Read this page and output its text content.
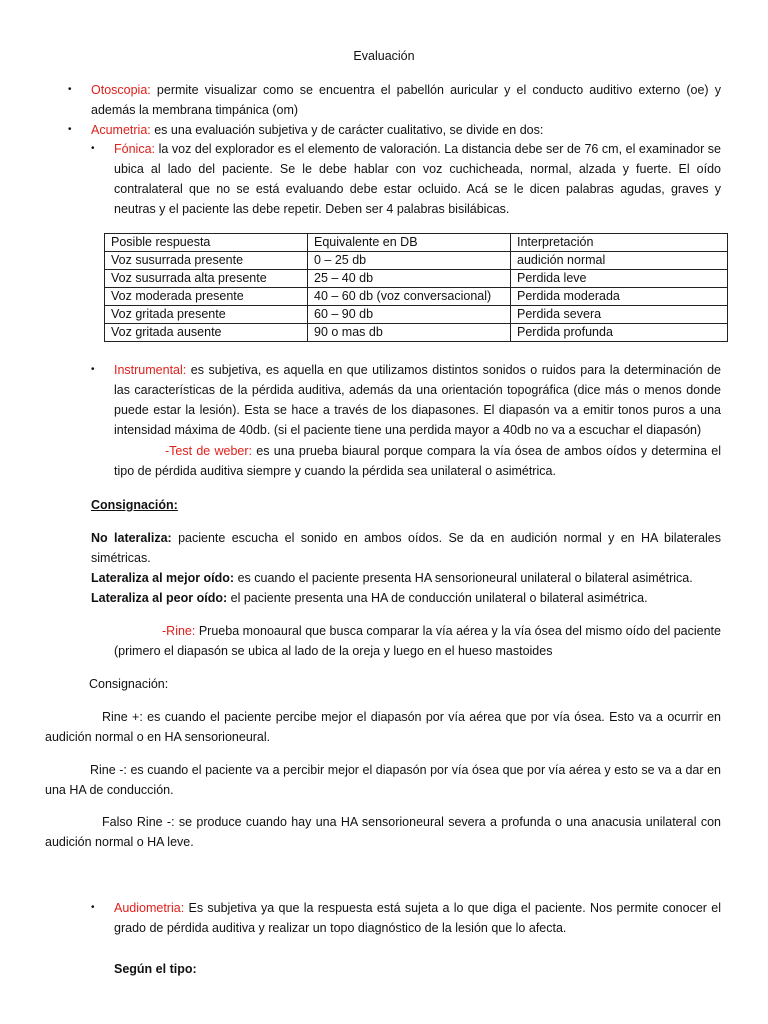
Evaluación
•	Otoscopia: permite visualizar como se encuentra el pabellón auricular y el conducto auditivo externo (oe) y además la membrana timpánica (om)
•	Acumetria: es una evaluación subjetiva y de carácter cualitativo, se divide en dos:
•	Fónica: la voz del explorador es el elemento de valoración. La distancia debe ser de 76 cm, el examinador se ubica al lado del paciente. Se le debe hablar con voz cuchicheada, normal, alzada y fuerte. El oído contralateral que no se está evaluando debe estar ocluido. Acá se le dicen palabras agudas, graves y neutras y el paciente las debe repetir. Deben ser 4 palabras bisilábicas.
Posible respuesta	Equivalente en DB	Interpretación
Voz susurrada presente	0 – 25 db	audición normal
Voz susurrada alta presente	25 – 40 db	Perdida leve
Voz moderada presente	40 – 60 db (voz conversacional)	Perdida moderada
Voz gritada presente	60 – 90 db	Perdida severa
Voz gritada ausente	90 o mas db	Perdida profunda
•	Instrumental: es subjetiva, es aquella en que utilizamos distintos sonidos o ruidos para la determinación de las características de la pérdida auditiva, además da una orientación topográfica (dice más o menos donde puede estar la lesión). Esta se hace a través de los diapasones. El diapasón va a emitir tonos puros a una intensidad máxima de 40db. (si el paciente tiene una perdida mayor a 40db no va a escuchar el diapasón)
-Test de weber: es una prueba biaural porque compara la vía ósea de ambos oídos y determina el tipo de pérdida auditiva siempre y cuando la pérdida sea unilateral o asimétrica.
Consignación:
No lateraliza: paciente escucha el sonido en ambos oídos. Se da en audición normal y en HA bilaterales simétricas.
Lateraliza al mejor oído: es cuando el paciente presenta HA sensorioneural unilateral o bilateral asimétrica.
Lateraliza al peor oído: el paciente presenta una HA de conducción unilateral o bilateral asimétrica.
-Rine: Prueba monoaural que busca comparar la vía aérea y la vía ósea del mismo oído del paciente (primero el diapasón se ubica al lado de la oreja y luego en el hueso mastoides
Consignación:
Rine +: es cuando el paciente percibe mejor el diapasón por vía aérea que por vía ósea. Esto va a ocurrir en audición normal o en HA sensorioneural.
Rine -: es cuando el paciente va a percibir mejor el diapasón por vía ósea que por vía aérea y esto se va a dar en una HA de conducción.
Falso Rine -: se produce cuando hay una HA sensorioneural severa a profunda o una anacusia unilateral con audición normal o HA leve.
•	Audiometria: Es subjetiva ya que la respuesta está sujeta a lo que diga el paciente. Nos permite conocer el grado de pérdida auditiva y realizar un topo diagnóstico de la lesión que lo afecta.
Según el tipo:
